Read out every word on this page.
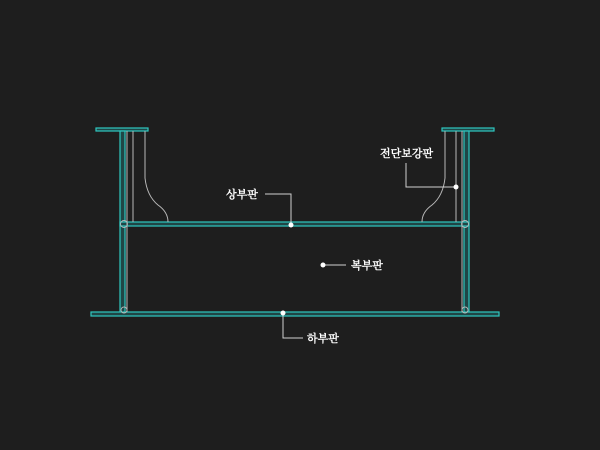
상부판
복부판
하부판
전단보강판
